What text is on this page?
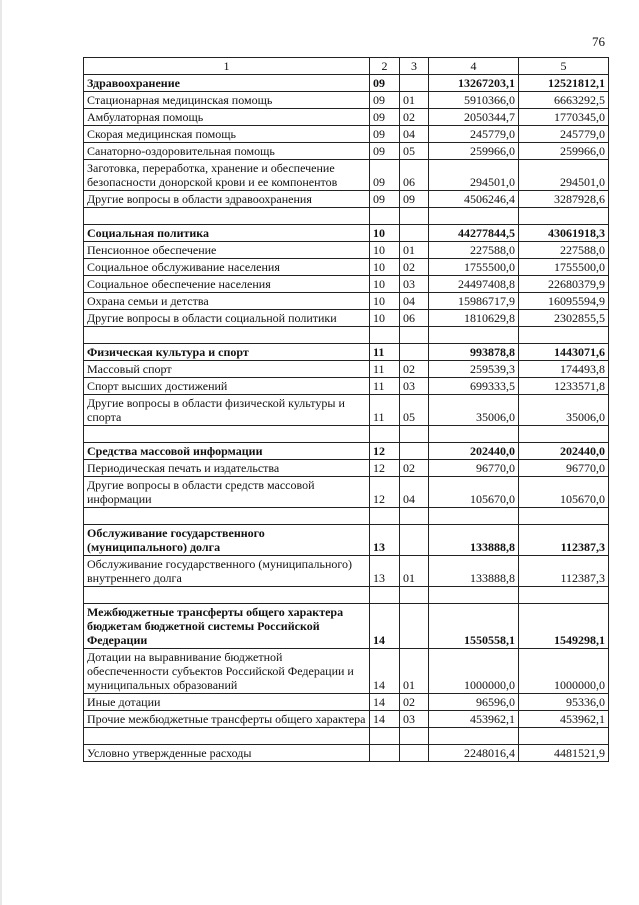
76
1	2	3	4	5
Здравоохранение	09		13267203,1	12521812,1
Стационарная медицинская помощь	09	01	5910366,0	6663292,5
Амбулаторная помощь	09	02	2050344,7	1770345,0
Скорая медицинская помощь	09	04	245779,0	245779,0
Санаторно-оздоровительная помощь	09	05	259966,0	259966,0
Заготовка, переработка, хранение и обеспечение безопасности донорской крови и ее компонентов	09	06	294501,0	294501,0
Другие вопросы в области здравоохранения	09	09	4506246,4	3287928,6

Социальная политика	10		44277844,5	43061918,3
Пенсионное обеспечение	10	01	227588,0	227588,0
Социальное обслуживание населения	10	02	1755500,0	1755500,0
Социальное обеспечение населения	10	03	24497408,8	22680379,9
Охрана семьи и детства	10	04	15986717,9	16095594,9
Другие вопросы в области социальной политики	10	06	1810629,8	2302855,5

Физическая культура и спорт	11		993878,8	1443071,6
Массовый спорт	11	02	259539,3	174493,8
Спорт высших достижений	11	03	699333,5	1233571,8
Другие вопросы в области физической культуры и спорта	11	05	35006,0	35006,0

Средства массовой информации	12		202440,0	202440,0
Периодическая печать и издательства	12	02	96770,0	96770,0
Другие вопросы в области средств массовой информации	12	04	105670,0	105670,0

Обслуживание государственного (муниципального) долга	13		133888,8	112387,3
Обслуживание государственного (муниципального) внутреннего долга	13	01	133888,8	112387,3

Межбюджетные трансферты общего характера бюджетам бюджетной системы Российской Федерации	14		1550558,1	1549298,1
Дотации на выравнивание бюджетной обеспеченности субъектов Российской Федерации и муниципальных образований	14	01	1000000,0	1000000,0
Иные дотации	14	02	96596,0	95336,0
Прочие межбюджетные трансферты общего характера	14	03	453962,1	453962,1

Условно утвержденные расходы			2248016,4	4481521,9
